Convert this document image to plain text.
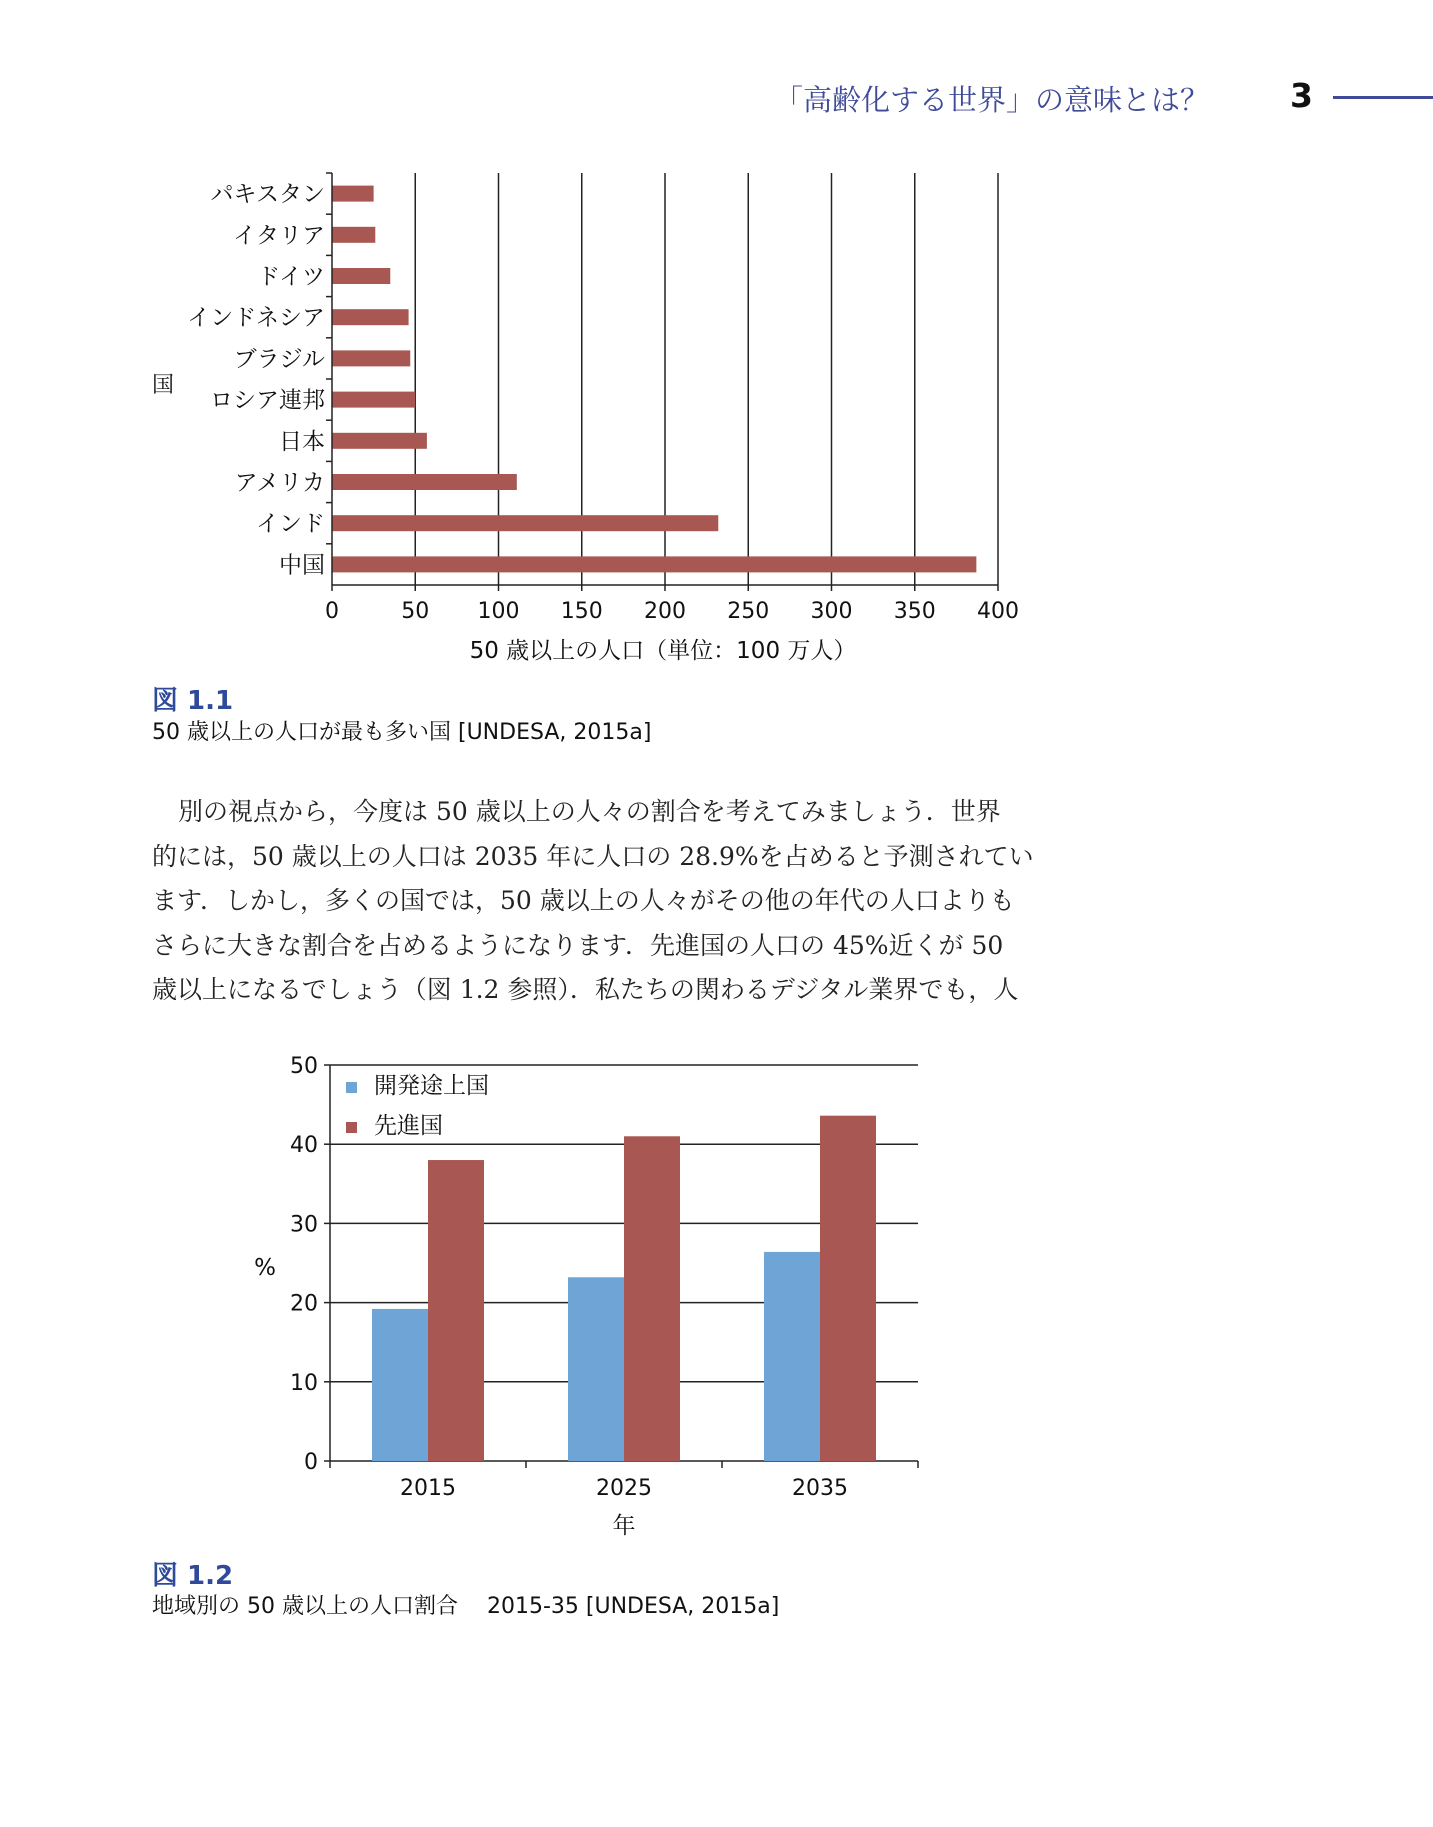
「高齢化する世界」の意味とは？ 3
パキスタン
イタリア
ドイツ
インドネシア
ブラジル
ロシア連邦
日本
アメリカ
インド
中国
0	50 100 150 200 250 300 350 400
50 歳以上の人口（単位：100 万人）
国
図 1.1
50 歳以上の人口が最も多い国 [UNDESA, 2015a]
別の視点から，今度は 50 歳以上の人々の割合を考えてみましょう．世界
的には，50 歳以上の人口は 2035 年に人口の 28.9%を占めると予測されてい
ます．しかし，多くの国では，50 歳以上の人々がその他の年代の人口よりも
さらに大きな割合を占めるようになります．先進国の人口の 45%近くが 50
歳以上になるでしょう（図 1.2 参照）．私たちの関わるデジタル業界でも，人
0
10
20
30
40
50
2015	2025	2035
開発途上国
先進国
%
年
図 1.2
地域別の 50 歳以上の人口割合　 2015-35 [UNDESA, 2015a]
